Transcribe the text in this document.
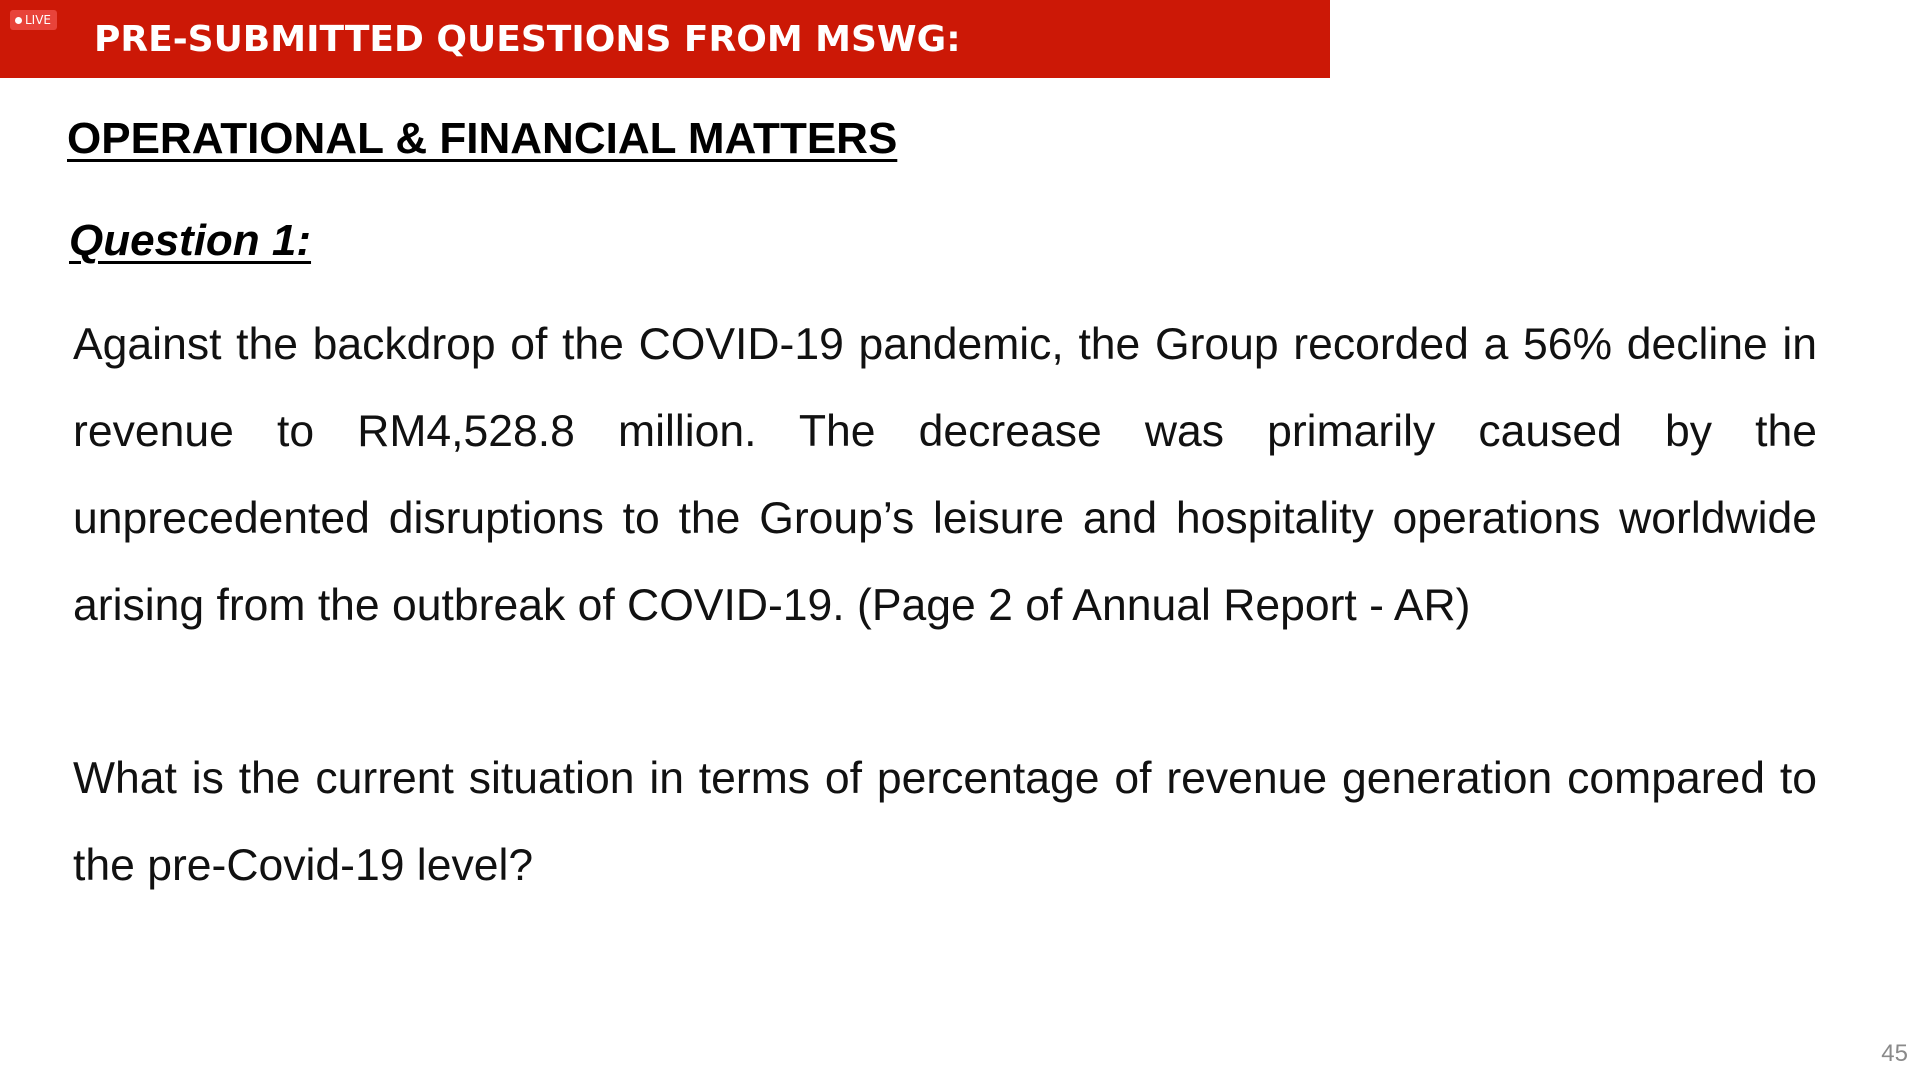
LIVE PRE-SUBMITTED QUESTIONS FROM MSWG:
OPERATIONAL & FINANCIAL MATTERS
Question 1:

Against the backdrop of the COVID-19 pandemic, the Group recorded a 56% decline in revenue to RM4,528.8 million. The decrease was primarily caused by the unprecedented disruptions to the Group’s leisure and hospitality operations worldwide arising from the outbreak of COVID-19. (Page 2 of Annual Report - AR)

What is the current situation in terms of percentage of revenue generation compared to the pre-Covid-19 level?

45
